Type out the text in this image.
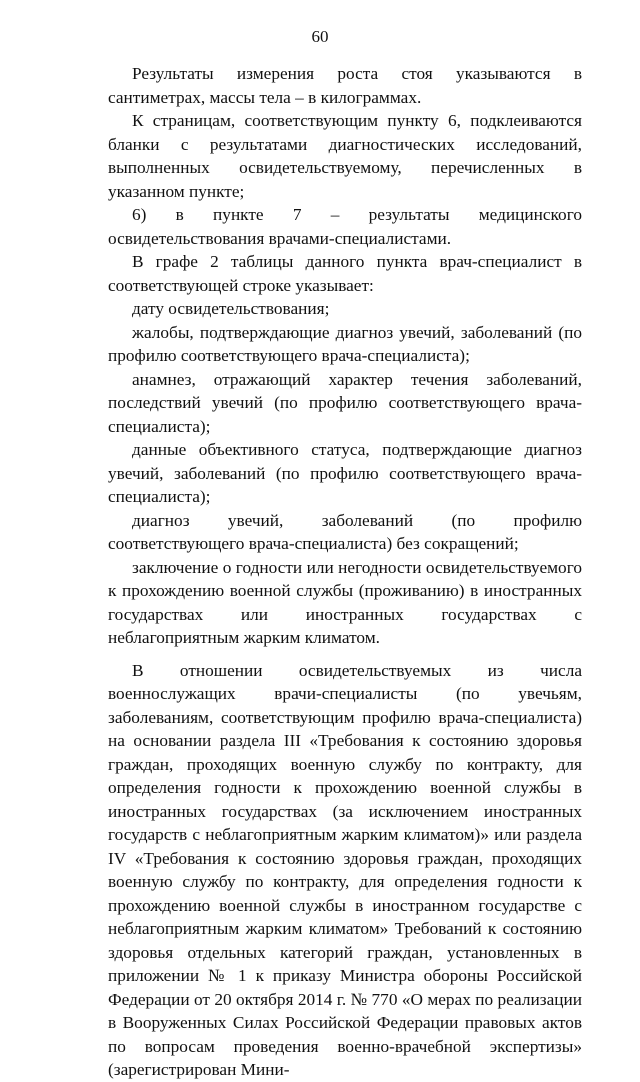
60

Результаты измерения роста стоя указываются в сантиметрах, массы тела – в килограммах.

К страницам, соответствующим пункту 6, подклеиваются бланки с результатами диагностических исследований, выполненных освидетельствуемому, перечисленных в указанном пункте;

6) в пункте 7 – результаты медицинского освидетельствования врачами-специалистами.

В графе 2 таблицы данного пункта врач-специалист в соответствующей строке указывает:

дату освидетельствования;

жалобы, подтверждающие диагноз увечий, заболеваний (по профилю соответствующего врача-специалиста);

анамнез, отражающий характер течения заболеваний, последствий увечий (по профилю соответствующего врача-специалиста);

данные объективного статуса, подтверждающие диагноз увечий, заболеваний (по профилю соответствующего врача-специалиста);

диагноз увечий, заболеваний (по профилю соответствующего врача-специалиста) без сокращений;

заключение о годности или негодности освидетельствуемого к прохождению военной службы (проживанию) в иностранных государствах или иностранных государствах с неблагоприятным жарким климатом.

В отношении освидетельствуемых из числа военнослужащих врачи-специалисты (по увечьям, заболеваниям, соответствующим профилю врача-специалиста) на основании раздела III «Требования к состоянию здоровья граждан, проходящих военную службу по контракту, для определения годности к прохождению военной службы в иностранных государствах (за исключением иностранных государств с неблагоприятным жарким климатом)» или раздела IV «Требования к состоянию здоровья граждан, проходящих военную службу по контракту, для определения годности к прохождению военной службы в иностранном государстве с неблагоприятным жарким климатом» Требований к состоянию здоровья отдельных категорий граждан, установленных в приложении № 1 к приказу Министра обороны Российской Федерации от 20 октября 2014 г. № 770 «О мерах по реализации в Вооруженных Силах Российской Федерации правовых актов по вопросам проведения военно-врачебной экспертизы» (зарегистрирован Мини-
